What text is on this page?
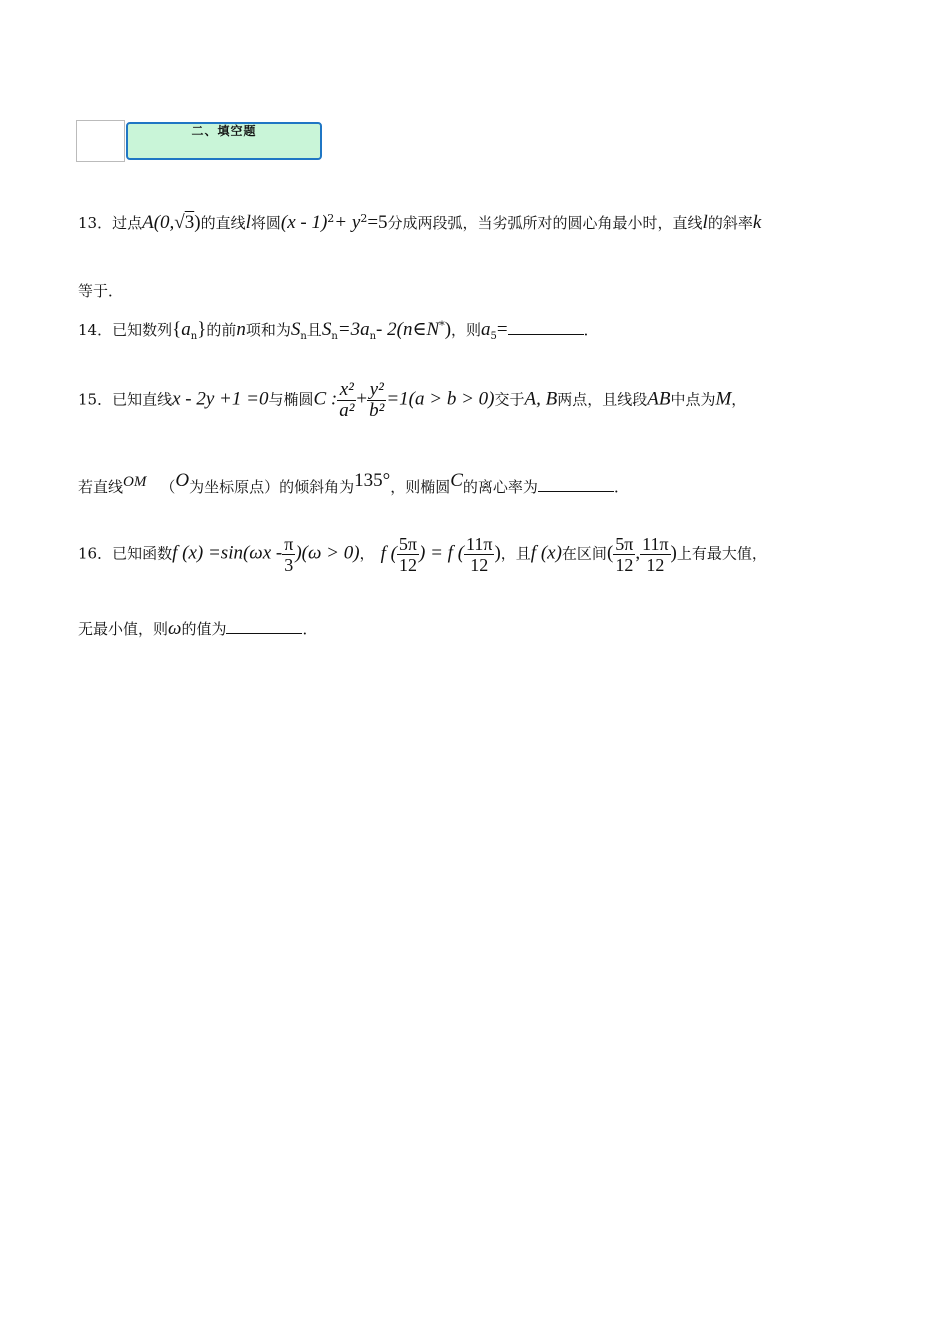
二、填空题
13．过点A(0,√3)的直线l将圆$(x - 1)^2+ y^2=5$分成两段弧，当劣弧所对的圆心角最小时，直线l的斜率k
等于．
14．已知数列$\{a_n\}$的前n项和为$S_n$且$S_n=3a_n-$ 2(n∈N*)，则$a_5=$	．
15．已知直线x - 2y +1 =0与椭圆C : $\frac{\text{x²}}{\text{a²}} + \frac{\text{y²}}{\text{b²}} =1(a > b > 0)$交于A, B两点，且线段AB中点为M，
若直线$^{OM}$ （$^O$为坐标原点）的倾斜角为$^{135^\circ}$，则椭圆$^C$的离心率为	．
16．已知函数f $(x) =\sin(\omega x - \frac{\pi}{3} )(\omega > 0)$， f ( $\frac{5\pi}{12}$ ) = f ( $\frac{11\pi}{12}$ )，且f (x)在区间( $\frac{5\pi}{12}$ , $\frac{11\pi}{12}$ )上有最大值，
无最小值，则ω的值为	．
